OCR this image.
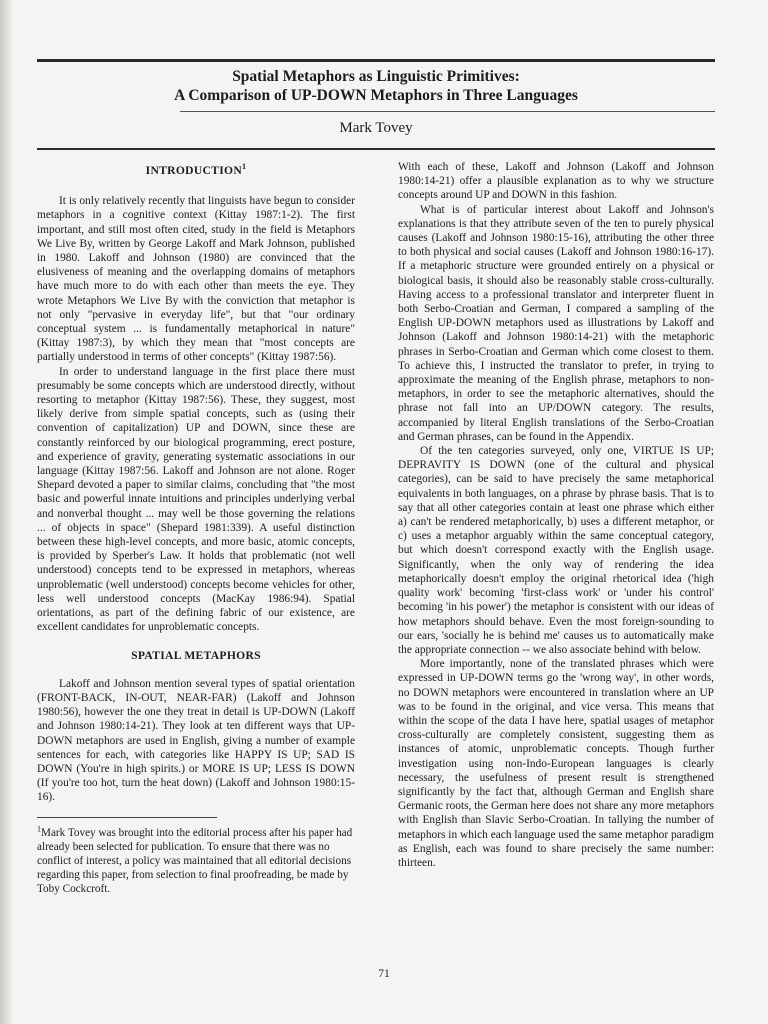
Spatial Metaphors as Linguistic Primitives:
A Comparison of UP-DOWN Metaphors in Three Languages
Mark Tovey
INTRODUCTION$^1$

It is only relatively recently that linguists have begun to consider metaphors in a cognitive context (Kittay 1987:1-2). The first important, and still most often cited, study in the field is Metaphors We Live By, written by George Lakoff and Mark Johnson, published in 1980. Lakoff and Johnson (1980) are convinced that the elusiveness of meaning and the overlapping domains of metaphors have much more to do with each other than meets the eye. They wrote Metaphors We Live By with the conviction that metaphor is not only "pervasive in everyday life", but that "our ordinary conceptual system ... is fundamentally metaphorical in nature" (Kittay 1987:3), by which they mean that "most concepts are partially understood in terms of other concepts" (Kittay 1987:56).

In order to understand language in the first place there must presumably be some concepts which are understood directly, without resorting to metaphor (Kittay 1987:56). These, they suggest, most likely derive from simple spatial concepts, such as (using their convention of capitalization) UP and DOWN, since these are constantly reinforced by our biological programming, erect posture, and experience of gravity, generating systematic associations in our language (Kittay 1987:56. Lakoff and Johnson are not alone. Roger Shepard devoted a paper to similar claims, concluding that "the most basic and powerful innate intuitions and principles underlying verbal and nonverbal thought ... may well be those governing the relations ... of objects in space" (Shepard 1981:339). A useful distinction between these high-level concepts, and more basic, atomic concepts, is provided by Sperber's Law. It holds that problematic (not well understood) concepts tend to be expressed in metaphors, whereas unproblematic (well understood) concepts become vehicles for other, less well understood concepts (MacKay 1986:94). Spatial orientations, as part of the defining fabric of our existence, are excellent candidates for unproblematic concepts.

SPATIAL METAPHORS

Lakoff and Johnson mention several types of spatial orientation (FRONT-BACK, IN-OUT, NEAR-FAR) (Lakoff and Johnson 1980:56), however the one they treat in detail is UP-DOWN (Lakoff and Johnson 1980:14-21). They look at ten different ways that UP-DOWN metaphors are used in English, giving a number of example sentences for each, with categories like HAPPY IS UP; SAD IS DOWN (You're in high spirits.) or MORE IS UP; LESS IS DOWN (If you're too hot, turn the heat down) (Lakoff and Johnson 1980:15-16).

$^1$Mark Tovey was brought into the editorial process after his paper had already been selected for publication. To ensure that there was no conflict of interest, a policy was maintained that all editorial decisions regarding this paper, from selection to final proofreading, be made by Toby Cockcroft.

With each of these, Lakoff and Johnson (Lakoff and Johnson 1980:14-21) offer a plausible explanation as to why we structure concepts around UP and DOWN in this fashion.

What is of particular interest about Lakoff and Johnson's explanations is that they attribute seven of the ten to purely physical causes (Lakoff and Johnson 1980:15-16), attributing the other three to both physical and social causes (Lakoff and Johnson 1980:16-17). If a metaphoric structure were grounded entirely on a physical or biological basis, it should also be reasonably stable cross-culturally. Having access to a professional translator and interpreter fluent in both Serbo-Croatian and German, I compared a sampling of the English UP-DOWN metaphors used as illustrations by Lakoff and Johnson (Lakoff and Johnson 1980:14-21) with the metaphoric phrases in Serbo-Croatian and German which come closest to them. To achieve this, I instructed the translator to prefer, in trying to approximate the meaning of the English phrase, metaphors to non-metaphors, in order to see the metaphoric alternatives, should the phrase not fall into an UP/DOWN category. The results, accompanied by literal English translations of the Serbo-Croatian and German phrases, can be found in the Appendix.

Of the ten categories surveyed, only one, VIRTUE IS UP; DEPRAVITY IS DOWN (one of the cultural and physical categories), can be said to have precisely the same metaphorical equivalents in both languages, on a phrase by phrase basis. That is to say that all other categories contain at least one phrase which either a) can't be rendered metaphorically, b) uses a different metaphor, or c) uses a metaphor arguably within the same conceptual category, but which doesn't correspond exactly with the English usage. Significantly, when the only way of rendering the idea metaphorically doesn't employ the original rhetorical idea ('high quality work' becoming 'first-class work' or 'under his control' becoming 'in his power') the metaphor is consistent with our ideas of how metaphors should behave. Even the most foreign-sounding to our ears, 'socially he is behind me' causes us to automatically make the appropriate connection -- we also associate behind with below.

More importantly, none of the translated phrases which were expressed in UP-DOWN terms go the 'wrong way', in other words, no DOWN metaphors were encountered in translation where an UP was to be found in the original, and vice versa. This means that within the scope of the data I have here, spatial usages of metaphor cross-culturally are completely consistent, suggesting them as instances of atomic, unproblematic concepts. Though further investigation using non-Indo-European languages is clearly necessary, the usefulness of present result is strengthened significantly by the fact that, although German and English share Germanic roots, the German here does not share any more metaphors with English than Slavic Serbo-Croatian. In tallying the number of metaphors in which each language used the same metaphor paradigm as English, each was found to share precisely the same number: thirteen.

71
